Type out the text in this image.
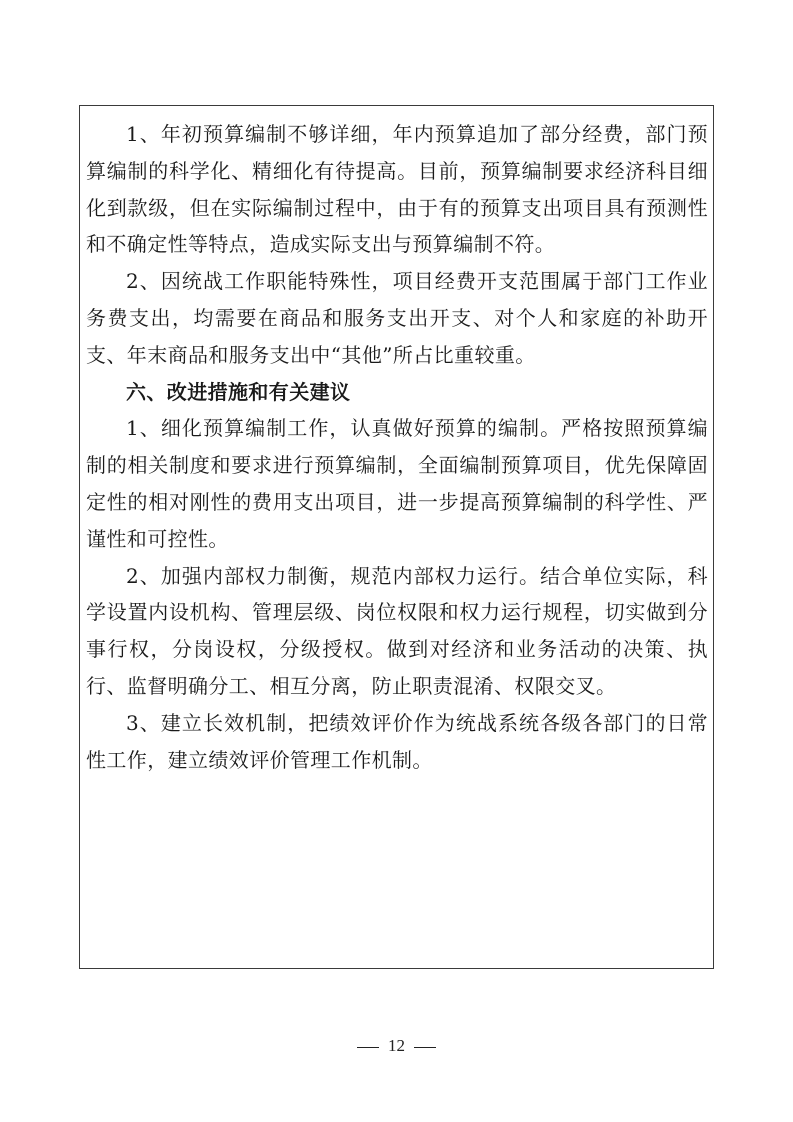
1、年初预算编制不够详细，年内预算追加了部分经费，部门预算编制的科学化、精细化有待提高。目前，预算编制要求经济科目细化到款级，但在实际编制过程中，由于有的预算支出项目具有预测性和不确定性等特点，造成实际支出与预算编制不符。

2、因统战工作职能特殊性，项目经费开支范围属于部门工作业务费支出，均需要在商品和服务支出开支、对个人和家庭的补助开支、年末商品和服务支出中“其他”所占比重较重。

六、改进措施和有关建议

1、细化预算编制工作，认真做好预算的编制。严格按照预算编制的相关制度和要求进行预算编制，全面编制预算项目，优先保障固定性的相对刚性的费用支出项目，进一步提高预算编制的科学性、严谨性和可控性。

2、加强内部权力制衡，规范内部权力运行。结合单位实际，科学设置内设机构、管理层级、岗位权限和权力运行规程，切实做到分事行权，分岗设权，分级授权。做到对经济和业务活动的决策、执行、监督明确分工、相互分离，防止职责混淆、权限交叉。

3、建立长效机制，把绩效评价作为统战系统各级各部门的日常性工作，建立绩效评价管理工作机制。

12
